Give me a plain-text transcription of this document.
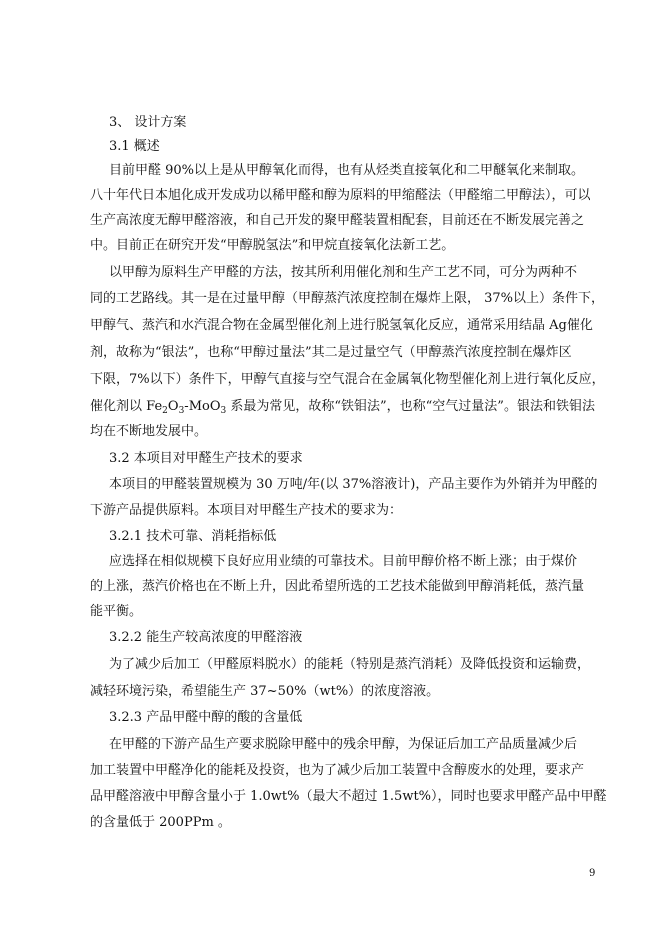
3、 设计方案
3.1 概述
目前甲醛 90%以上是从甲醇氧化而得，也有从烃类直接氧化和二甲醚氧化来制取。
八十年代日本旭化成开发成功以稀甲醛和醇为原料的甲缩醛法（甲醛缩二甲醇法），可以
生产高浓度无醇甲醛溶液，和自己开发的聚甲醛装置相配套，目前还在不断发展完善之
中。目前正在研究开发“甲醇脱氢法”和甲烷直接氧化法新工艺。
以甲醇为原料生产甲醛的方法，按其所利用催化剂和生产工艺不同，可分为两种不
同的工艺路线。其一是在过量甲醇（甲醇蒸汽浓度控制在爆炸上限， 37%以上）条件下，
甲醇气、蒸汽和水汽混合物在金属型催化剂上进行脱氢氧化反应，通常采用结晶 Ag催化
剂，故称为“银法”，也称“甲醇过量法”其二是过量空气（甲醇蒸汽浓度控制在爆炸区
下限，7%以下）条件下，甲醇气直接与空气混合在金属氧化物型催化剂上进行氧化反应，
催化剂以 $Fe_2O_3-MoO_3$ 系最为常见，故称“铁钼法”，也称“空气过量法”。银法和铁钼法
均在不断地发展中。
3.2 本项目对甲醛生产技术的要求
本项目的甲醛装置规模为 30 万吨/年(以 37%溶液计)，产品主要作为外销并为甲醛的
下游产品提供原料。本项目对甲醛生产技术的要求为：
3.2.1 技术可靠、消耗指标低
应选择在相似规模下良好应用业绩的可靠技术。目前甲醇价格不断上涨；由于煤价
的上涨，蒸汽价格也在不断上升，因此希望所选的工艺技术能做到甲醇消耗低，蒸汽量
能平衡。
3.2.2 能生产较高浓度的甲醛溶液
为了减少后加工（甲醛原料脱水）的能耗（特别是蒸汽消耗）及降低投资和运输费，
减轻环境污染，希望能生产 37~50%（wt%）的浓度溶液。
3.2.3 产品甲醛中醇的酸的含量低
在甲醛的下游产品生产要求脱除甲醛中的残余甲醇，为保证后加工产品质量减少后
加工装置中甲醛净化的能耗及投资，也为了减少后加工装置中含醇废水的处理，要求产
品甲醛溶液中甲醇含量小于 1.0wt%（最大不超过 1.5wt%），同时也要求甲醛产品中甲醛
的含量低于 200PPm 。
9
